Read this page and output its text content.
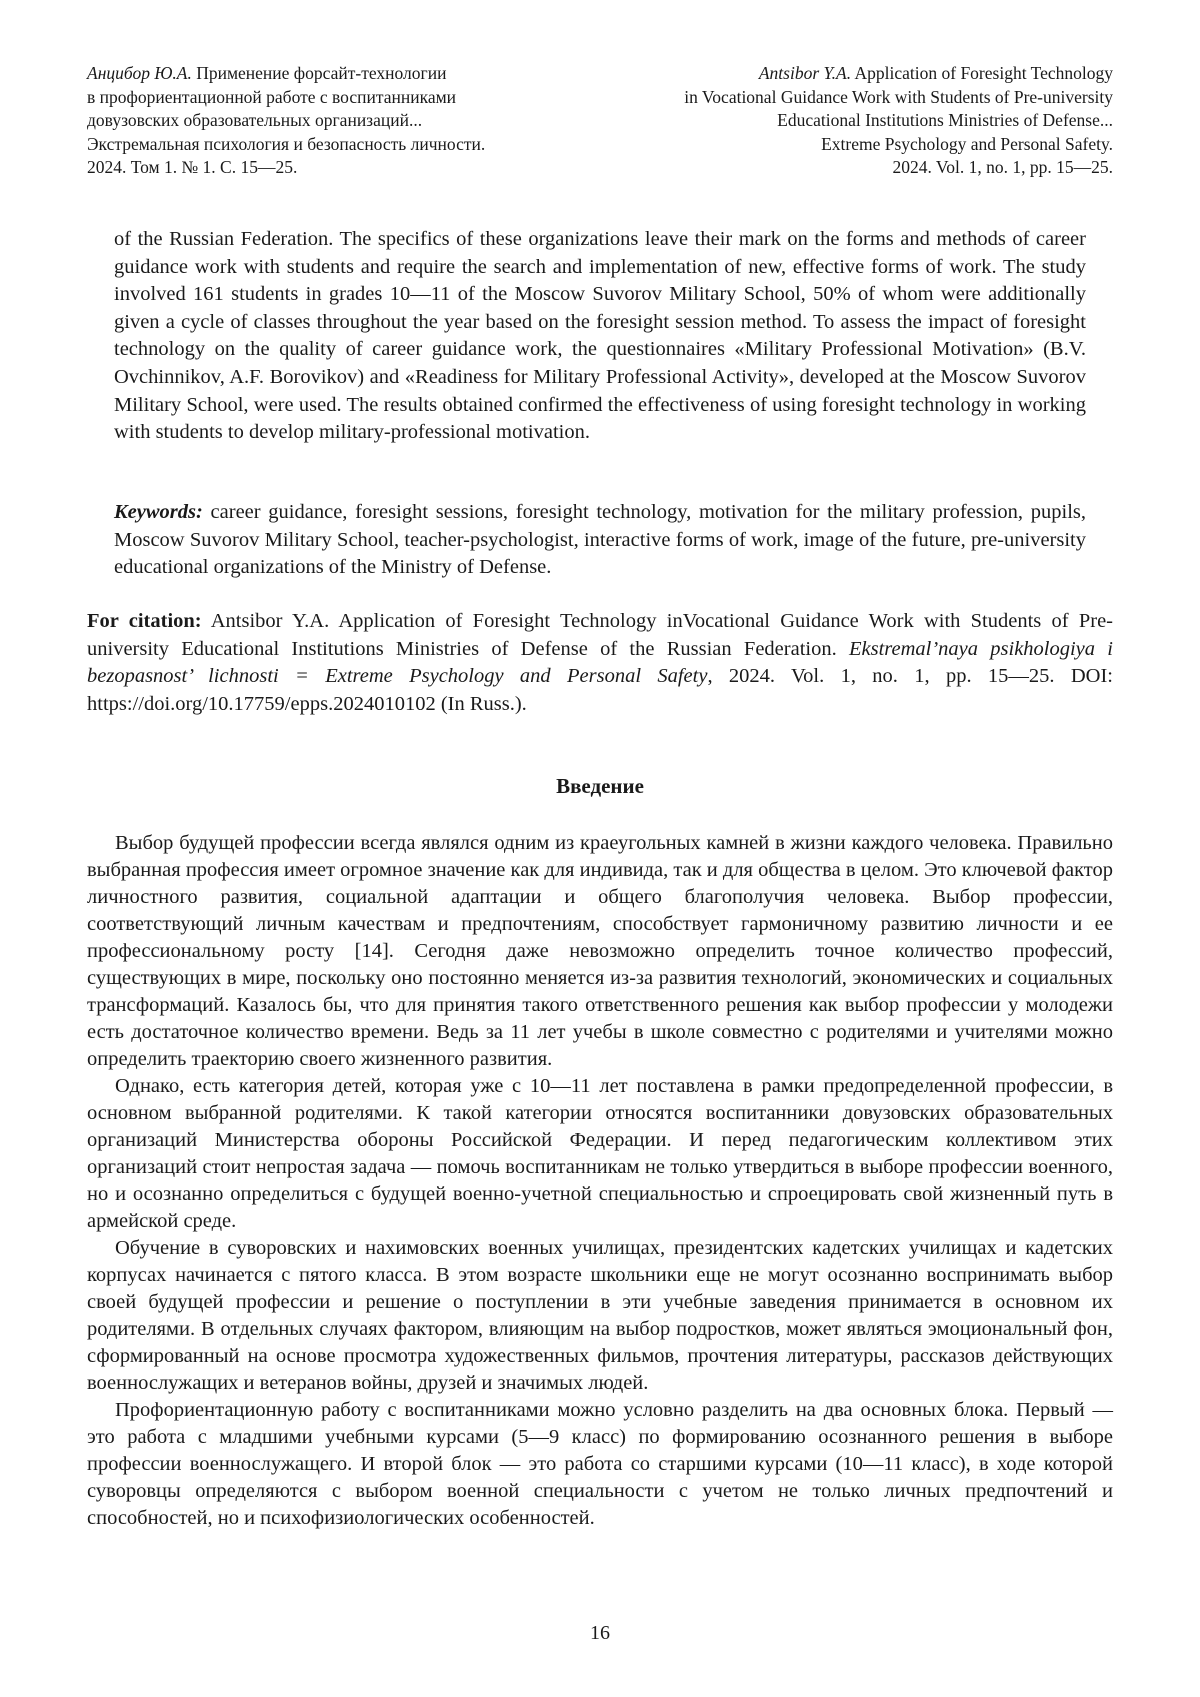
Анцибор Ю.А. Применение форсайт-технологии
в профориентационной работе с воспитанниками
довузовских образовательных организаций...
Экстремальная психология и безопасность личности.
2024. Том 1. № 1. С. 15—25.
Antsibor Y.A. Application of Foresight Technology
in Vocational Guidance Work with Students of Pre-university
Educational Institutions Ministries of Defense...
Extreme Psychology and Personal Safety.
2024. Vol. 1, no. 1, pp. 15—25.

of the Russian Federation. The specifics of these organizations leave their mark on the forms and methods of career guidance work with students and require the search and implementation of new, effective forms of work. The study involved 161 students in grades 10—11 of the Moscow Suvorov Military School, 50% of whom were additionally given a cycle of classes throughout the year based on the foresight session method. To assess the impact of foresight technology on the quality of career guidance work, the questionnaires «Military Professional Motivation» (B.V. Ovchinnikov, A.F. Borovikov) and «Readiness for Military Professional Activity», developed at the Moscow Suvorov Military School, were used. The results obtained confirmed the effectiveness of using foresight technology in working with students to develop military-professional motivation.

Keywords: career guidance, foresight sessions, foresight technology, motivation for the military profession, pupils, Moscow Suvorov Military School, teacher-psychologist, interactive forms of work, image of the future, pre-university educational organizations of the Ministry of Defense.

For citation: Antsibor Y.A. Application of Foresight Technology inVocational Guidance Work with Students of Pre-university Educational Institutions Ministries of Defense of the Russian Federation. Ekstremal’naya psikhologiya i bezopasnost’ lichnosti = Extreme Psychology and Personal Safety, 2024. Vol. 1, no. 1, pp. 15—25. DOI: https://doi.org/10.17759/epps.2024010102 (In Russ.).

Введение

Выбор будущей профессии всегда являлся одним из краеугольных камней в жизни каждого человека. Правильно выбранная профессия имеет огромное значение как для индивида, так и для общества в целом. Это ключевой фактор личностного развития, социальной адаптации и общего благополучия человека. Выбор профессии, соответствующий личным качествам и предпочтениям, способствует гармоничному развитию личности и ее профессиональному росту [14]. Сегодня даже невозможно определить точное количество профессий, существующих в мире, поскольку оно постоянно меняется из-за развития технологий, экономических и социальных трансформаций. Казалось бы, что для принятия такого ответственного решения как выбор профессии у молодежи есть достаточное количество времени. Ведь за 11 лет учебы в школе совместно с родителями и учителями можно определить траекторию своего жизненного развития.

Однако, есть категория детей, которая уже с 10—11 лет поставлена в рамки предопределенной профессии, в основном выбранной родителями. К такой категории относятся воспитанники довузовских образовательных организаций Министерства обороны Российской Федерации. И перед педагогическим коллективом этих организаций стоит непростая задача — помочь воспитанникам не только утвердиться в выборе профессии военного, но и осознанно определиться с будущей военно-учетной специальностью и спроецировать свой жизненный путь в армейской среде.

Обучение в суворовских и нахимовских военных училищах, президентских кадетских училищах и кадетских корпусах начинается с пятого класса. В этом возрасте школьники еще не могут осознанно воспринимать выбор своей будущей профессии и решение о поступлении в эти учебные заведения принимается в основном их родителями. В отдельных случаях фактором, влияющим на выбор подростков, может являться эмоциональный фон, сформированный на основе просмотра художественных фильмов, прочтения литературы, рассказов действующих военнослужащих и ветеранов войны, друзей и значимых людей.

Профориентационную работу с воспитанниками можно условно разделить на два основных блока. Первый — это работа с младшими учебными курсами (5—9 класс) по формированию осознанного решения в выборе профессии военнослужащего. И второй блок — это работа со старшими курсами (10—11 класс), в ходе которой суворовцы определяются с выбором военной специальности с учетом не только личных предпочтений и способностей, но и психофизиологических особенностей.

16
